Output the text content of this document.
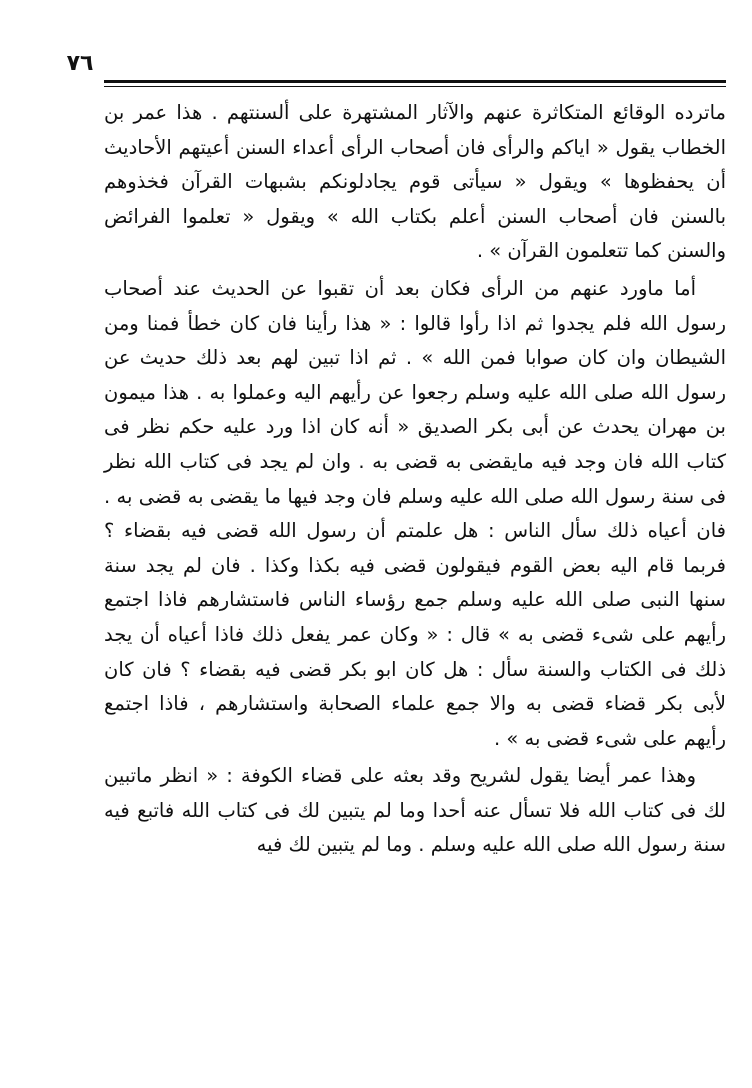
٧٦

ماترده الوقائع المتكاثرة عنهم والآثار المشتهرة على ألسنتهم . هذا عمر بن الخطاب يقول « اياكم والرأى فان أصحاب الرأى أعداء السنن أعيتهم الأحاديث أن يحفظوها » ويقول « سيأتى قوم يجادلونكم بشبهات القرآن فخذوهم بالسنن فان أصحاب السنن أعلم بكتاب الله » ويقول « تعلموا الفرائض والسنن كما تتعلمون القرآن » .

أما ماورد عنهم من الرأى فكان بعد أن تقبوا عن الحديث عند أصحاب رسول الله فلم يجدوا ثم اذا رأوا قالوا : « هذا رأينا فان كان خطأ فمنا ومن الشيطان وان كان صوابا فمن الله » . ثم اذا تبين لهم بعد ذلك حديث عن رسول الله صلى الله عليه وسلم رجعوا عن رأيهم اليه وعملوا به . هذا ميمون بن مهران يحدث عن أبى بكر الصديق « أنه كان اذا ورد عليه حكم نظر فى كتاب الله فان وجد فيه مايقضى به قضى به . وان لم يجد فى كتاب الله نظر فى سنة رسول الله صلى الله عليه وسلم فان وجد فيها ما يقضى به قضى به . فان أعياه ذلك سأل الناس : هل علمتم أن رسول الله قضى فيه بقضاء ؟ فربما قام اليه بعض القوم فيقولون قضى فيه بكذا وكذا . فان لم يجد سنة سنها النبى صلى الله عليه وسلم جمع رؤساء الناس فاستشارهم فاذا اجتمع رأيهم على شىء قضى به » قال : « وكان عمر يفعل ذلك فاذا أعياه أن يجد ذلك فى الكتاب والسنة سأل : هل كان ابو بكر قضى فيه بقضاء ؟ فان كان لأبى بكر قضاء قضى به والا جمع علماء الصحابة واستشارهم ، فاذا اجتمع رأيهم على شىء قضى به » .

وهذا عمر أيضا يقول لشريح وقد بعثه على قضاء الكوفة : « انظر ماتبين لك فى كتاب الله فلا تسأل عنه أحدا وما لم يتبين لك فى كتاب الله فاتبع فيه سنة رسول الله صلى الله عليه وسلم . وما لم يتبين لك فيه
